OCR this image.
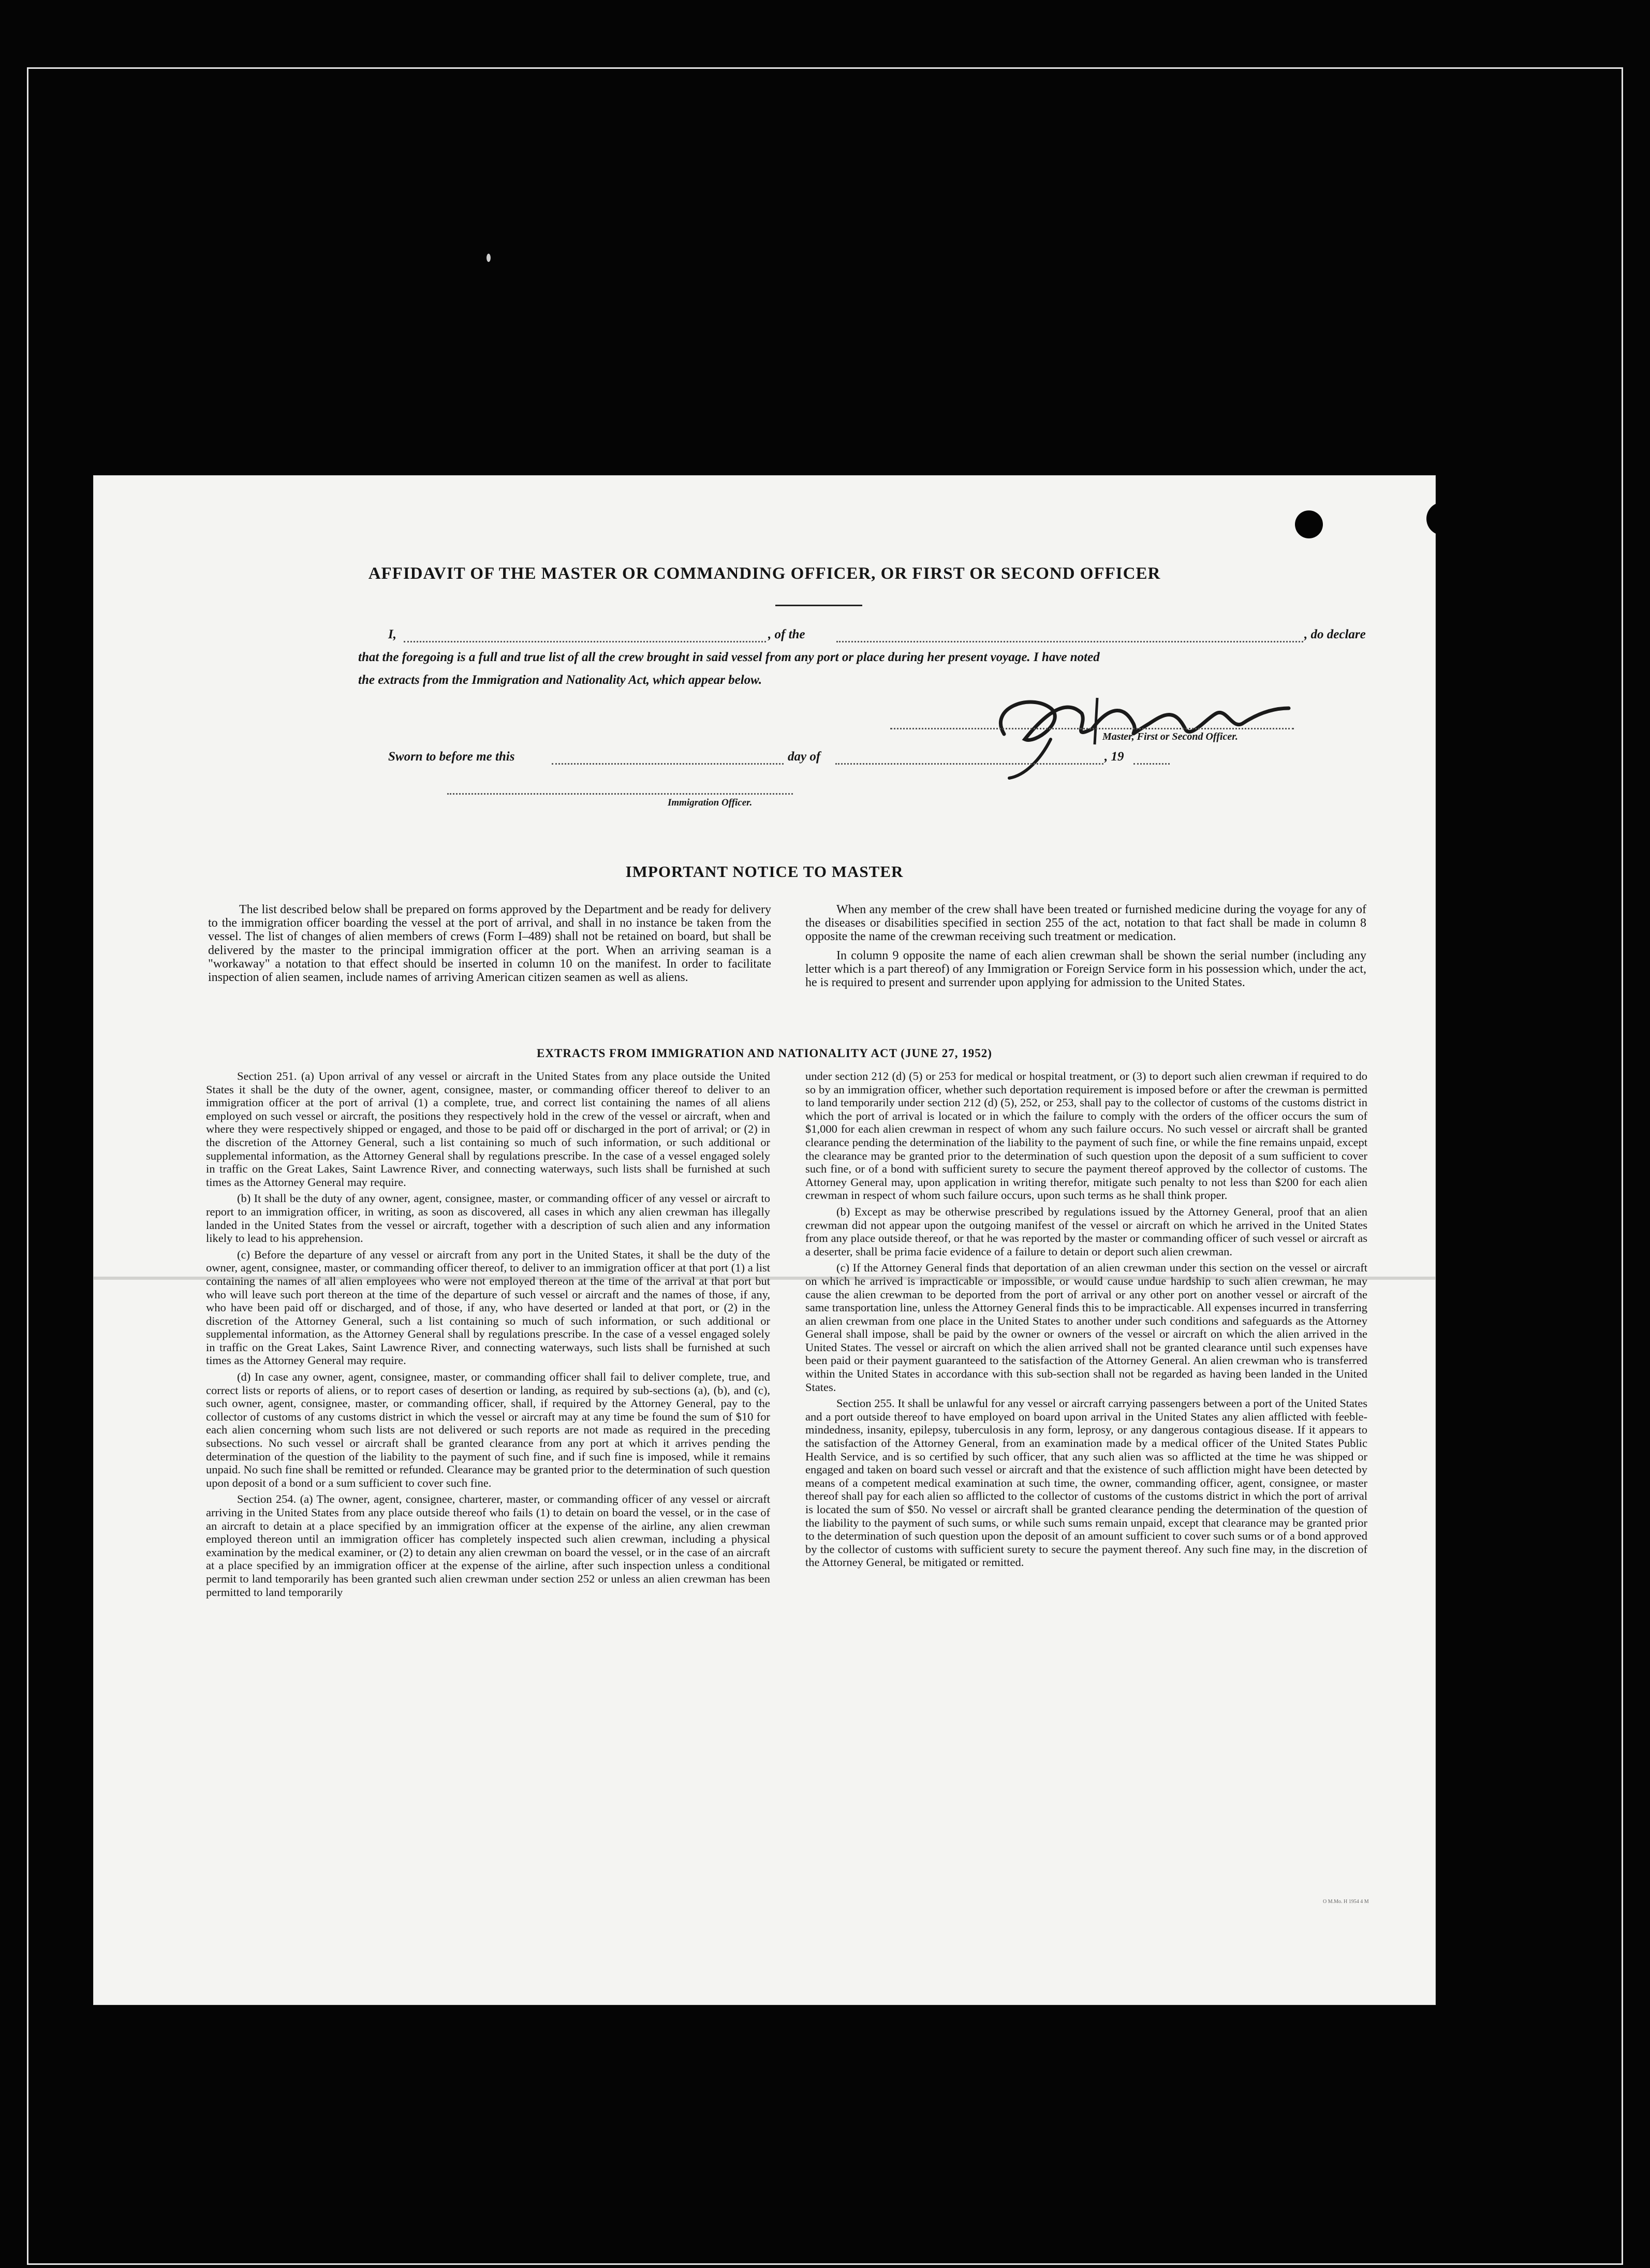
AFFIDAVIT OF THE MASTER OR COMMANDING OFFICER, OR FIRST OR SECOND OFFICER
I,	, of the	, do declare
that the foregoing is a full and true list of all the crew brought in said vessel from any port or place during her present voyage. I have noted
the extracts from the Immigration and Nationality Act, which appear below.
Master, First or Second Officer.
Sworn to before me this	day of	, 19
Immigration Officer.
IMPORTANT NOTICE TO MASTER

The list described below shall be prepared on forms approved by the Department and be ready for delivery to the immigration officer boarding the vessel at the port of arrival, and shall in no instance be taken from the vessel. The list of changes of alien members of crews (Form I–489) shall not be retained on board, but shall be delivered by the master to the principal immigration officer at the port. When an arriving seaman is a "workaway" a notation to that effect should be inserted in column 10 on the manifest. In order to facilitate inspection of alien seamen, include names of arriving American citizen seamen as well as aliens.

When any member of the crew shall have been treated or furnished medicine during the voyage for any of the diseases or disabilities specified in section 255 of the act, notation to that fact shall be made in column 8 opposite the name of the crewman receiving such treatment or medication.

In column 9 opposite the name of each alien crewman shall be shown the serial number (including any letter which is a part thereof) of any Immigration or Foreign Service form in his possession which, under the act, he is required to present and surrender upon applying for admission to the United States.

EXTRACTS FROM IMMIGRATION AND NATIONALITY ACT (JUNE 27, 1952)

Section 251. (a) Upon arrival of any vessel or aircraft in the United States from any place outside the United States it shall be the duty of the owner, agent, consignee, master, or commanding officer thereof to deliver to an immigration officer at the port of arrival (1) a complete, true, and correct list containing the names of all aliens employed on such vessel or aircraft, the positions they respectively hold in the crew of the vessel or aircraft, when and where they were respectively shipped or engaged, and those to be paid off or discharged in the port of arrival; or (2) in the discretion of the Attorney General, such a list containing so much of such information, or such additional or supplemental information, as the Attorney General shall by regulations prescribe. In the case of a vessel engaged solely in traffic on the Great Lakes, Saint Lawrence River, and connecting waterways, such lists shall be furnished at such times as the Attorney General may require.

(b) It shall be the duty of any owner, agent, consignee, master, or commanding officer of any vessel or aircraft to report to an immigration officer, in writing, as soon as discovered, all cases in which any alien crewman has illegally landed in the United States from the vessel or aircraft, together with a description of such alien and any information likely to lead to his apprehension.

(c) Before the departure of any vessel or aircraft from any port in the United States, it shall be the duty of the owner, agent, consignee, master, or commanding officer thereof, to deliver to an immigration officer at that port (1) a list containing the names of all alien employees who were not employed thereon at the time of the arrival at that port but who will leave such port thereon at the time of the departure of such vessel or aircraft and the names of those, if any, who have been paid off or discharged, and of those, if any, who have deserted or landed at that port, or (2) in the discretion of the Attorney General, such a list containing so much of such information, or such additional or supplemental information, as the Attorney General shall by regulations prescribe. In the case of a vessel engaged solely in traffic on the Great Lakes, Saint Lawrence River, and connecting waterways, such lists shall be furnished at such times as the Attorney General may require.

(d) In case any owner, agent, consignee, master, or commanding officer shall fail to deliver complete, true, and correct lists or reports of aliens, or to report cases of desertion or landing, as required by sub-sections (a), (b), and (c), such owner, agent, consignee, master, or commanding officer, shall, if required by the Attorney General, pay to the collector of customs of any customs district in which the vessel or aircraft may at any time be found the sum of $10 for each alien concerning whom such lists are not delivered or such reports are not made as required in the preceding subsections. No such vessel or aircraft shall be granted clearance from any port at which it arrives pending the determination of the question of the liability to the payment of such fine, and if such fine is imposed, while it remains unpaid. No such fine shall be remitted or refunded. Clearance may be granted prior to the determination of such question upon deposit of a bond or a sum sufficient to cover such fine.

Section 254. (a) The owner, agent, consignee, charterer, master, or commanding officer of any vessel or aircraft arriving in the United States from any place outside thereof who fails (1) to detain on board the vessel, or in the case of an aircraft to detain at a place specified by an immigration officer at the expense of the airline, any alien crewman employed thereon until an immigration officer has completely inspected such alien crewman, including a physical examination by the medical examiner, or (2) to detain any alien crewman on board the vessel, or in the case of an aircraft at a place specified by an immigration officer at the expense of the airline, after such inspection unless a conditional permit to land temporarily has been granted such alien crewman under section 252 or unless an alien crewman has been permitted to land temporarily

under section 212 (d) (5) or 253 for medical or hospital treatment, or (3) to deport such alien crewman if required to do so by an immigration officer, whether such deportation requirement is imposed before or after the crewman is permitted to land temporarily under section 212 (d) (5), 252, or 253, shall pay to the collector of customs of the customs district in which the port of arrival is located or in which the failure to comply with the orders of the officer occurs the sum of $1,000 for each alien crewman in respect of whom any such failure occurs. No such vessel or aircraft shall be granted clearance pending the determination of the liability to the payment of such fine, or while the fine remains unpaid, except the clearance may be granted prior to the determination of such question upon the deposit of a sum sufficient to cover such fine, or of a bond with sufficient surety to secure the payment thereof approved by the collector of customs. The Attorney General may, upon application in writing therefor, mitigate such penalty to not less than $200 for each alien crewman in respect of whom such failure occurs, upon such terms as he shall think proper.

(b) Except as may be otherwise prescribed by regulations issued by the Attorney General, proof that an alien crewman did not appear upon the outgoing manifest of the vessel or aircraft on which he arrived in the United States from any place outside thereof, or that he was reported by the master or commanding officer of such vessel or aircraft as a deserter, shall be prima facie evidence of a failure to detain or deport such alien crewman.

(c) If the Attorney General finds that deportation of an alien crewman under this section on the vessel or aircraft on which he arrived is impracticable or impossible, or would cause undue hardship to such alien crewman, he may cause the alien crewman to be deported from the port of arrival or any other port on another vessel or aircraft of the same transportation line, unless the Attorney General finds this to be impracticable. All expenses incurred in transferring an alien crewman from one place in the United States to another under such conditions and safeguards as the Attorney General shall impose, shall be paid by the owner or owners of the vessel or aircraft on which the alien arrived in the United States. The vessel or aircraft on which the alien arrived shall not be granted clearance until such expenses have been paid or their payment guaranteed to the satisfaction of the Attorney General. An alien crewman who is transferred within the United States in accordance with this sub-section shall not be regarded as having been landed in the United States.

Section 255. It shall be unlawful for any vessel or aircraft carrying passengers between a port of the United States and a port outside thereof to have employed on board upon arrival in the United States any alien afflicted with feeble-mindedness, insanity, epilepsy, tuberculosis in any form, leprosy, or any dangerous contagious disease. If it appears to the satisfaction of the Attorney General, from an examination made by a medical officer of the United States Public Health Service, and is so certified by such officer, that any such alien was so afflicted at the time he was shipped or engaged and taken on board such vessel or aircraft and that the existence of such affliction might have been detected by means of a competent medical examination at such time, the owner, commanding officer, agent, consignee, or master thereof shall pay for each alien so afflicted to the collector of customs of the customs district in which the port of arrival is located the sum of $50. No vessel or aircraft shall be granted clearance pending the determination of the question of the liability to the payment of such sums, or while such sums remain unpaid, except that clearance may be granted prior to the determination of such question upon the deposit of an amount sufficient to cover such sums or of a bond approved by the collector of customs with sufficient surety to secure the payment thereof. Any such fine may, in the discretion of the Attorney General, be mitigated or remitted.

O M.Mo. H 1954 4 M
